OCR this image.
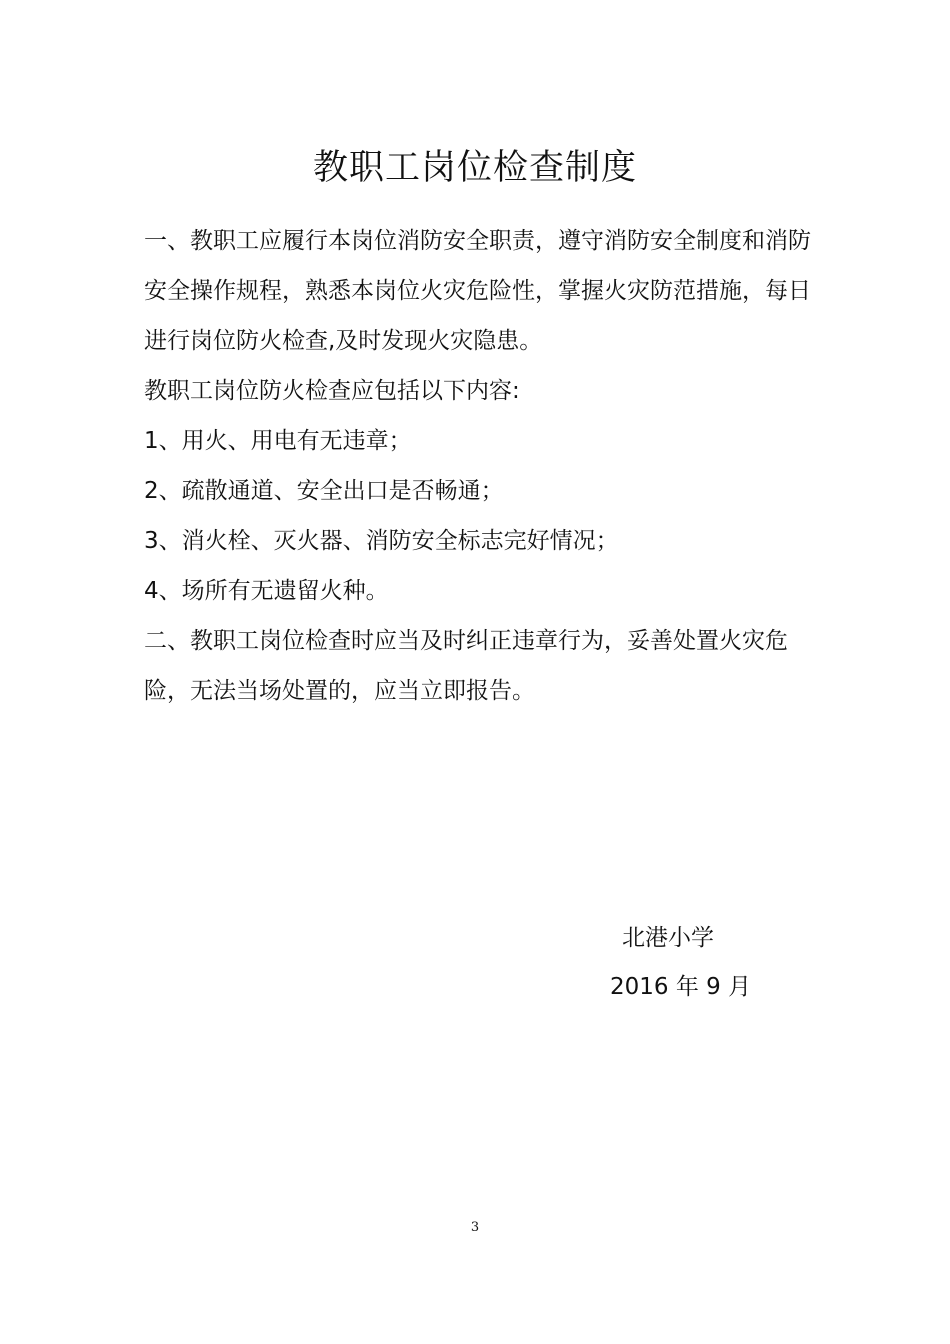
教职工岗位检查制度

一、教职工应履行本岗位消防安全职责，遵守消防安全制度和消防安全操作规程，熟悉本岗位火灾危险性，掌握火灾防范措施，每日进行岗位防火检查,及时发现火灾隐患。

教职工岗位防火检查应包括以下内容:

1、用火、用电有无违章；

2、疏散通道、安全出口是否畅通；

3、消火栓、灭火器、消防安全标志完好情况；

4、场所有无遗留火种。

二、教职工岗位检查时应当及时纠正违章行为，妥善处置火灾危险，无法当场处置的，应当立即报告。

北港小学
2016 年 9 月
3
